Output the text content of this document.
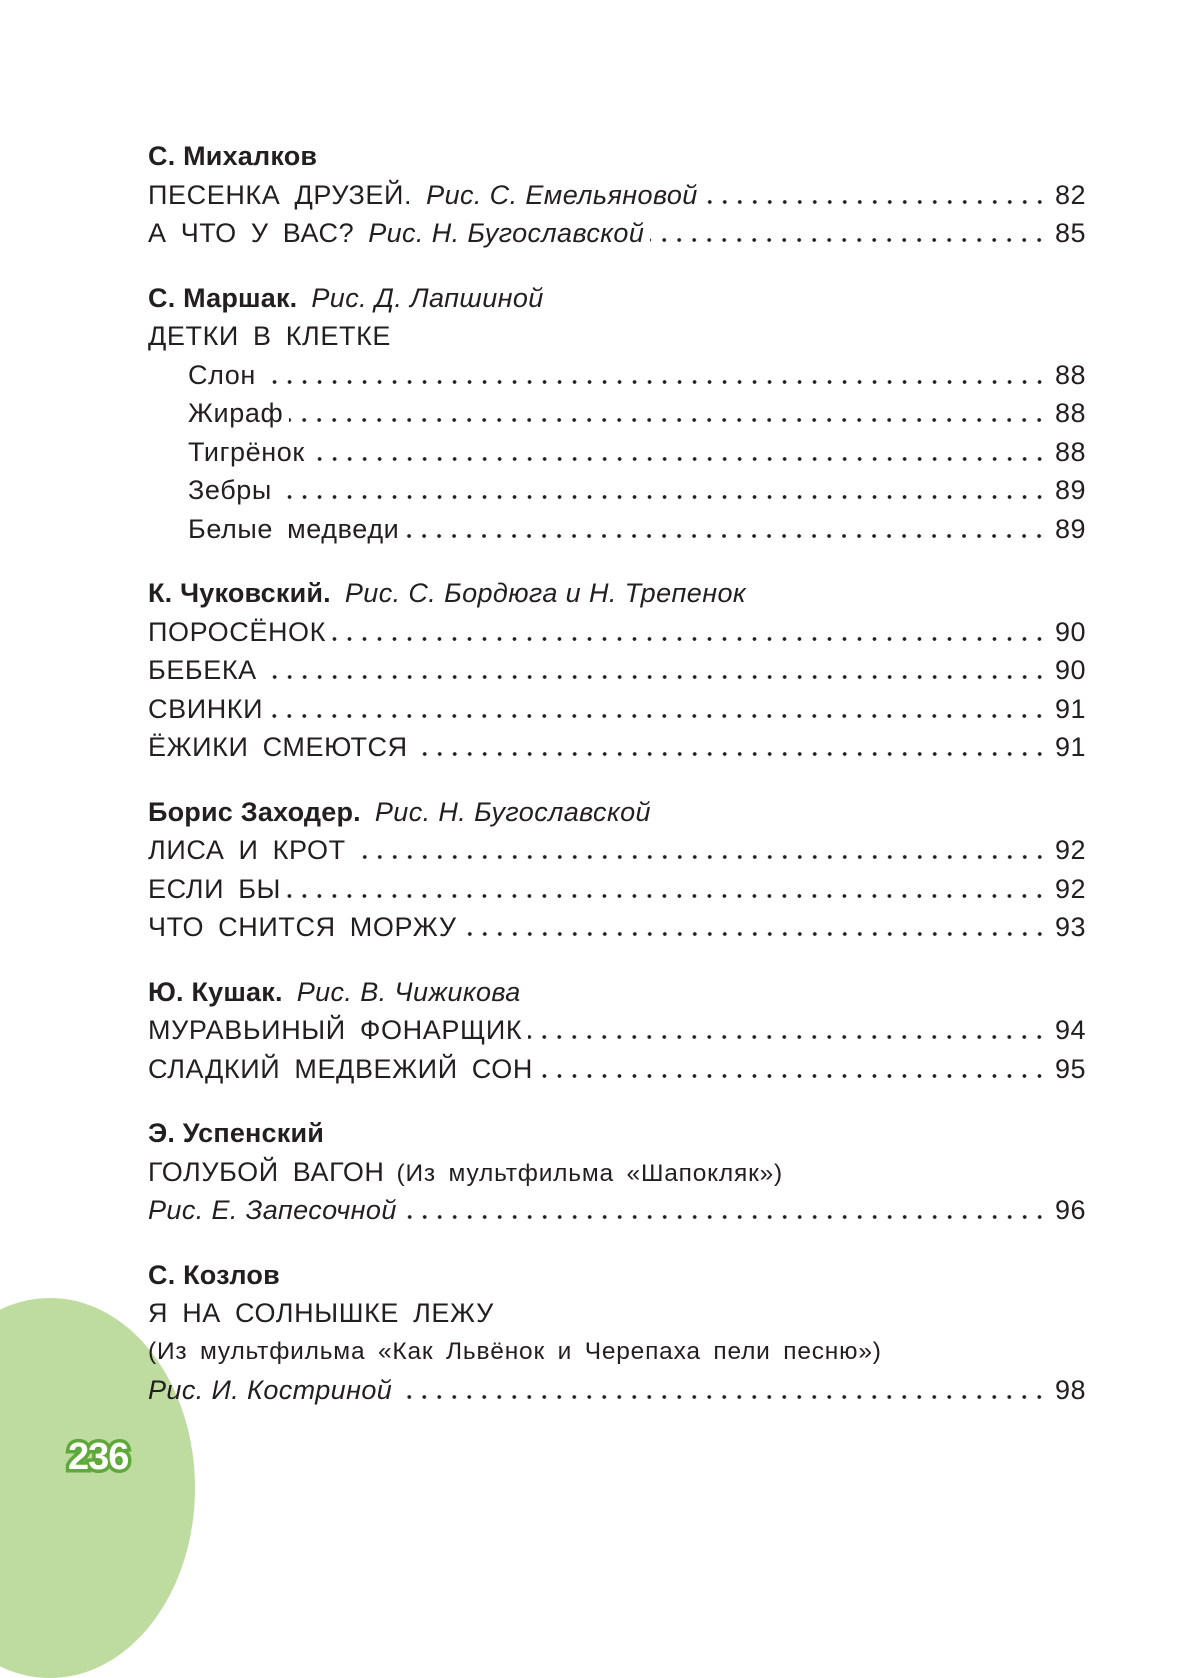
236
С. Михалков
ПЕСЕНКА ДРУЗЕЙ. Рис. С. Емельяновой	82
А ЧТО У ВАС? Рис. Н. Бугославской	85
С. Маршак. Рис. Д. Лапшиной
ДЕТКИ В КЛЕТКЕ
Слон	88
Жираф	88
Тигрёнок	88
Зебры	89
Белые медведи	89
К. Чуковский. Рис. С. Бордюга и Н. Трепенок
ПОРОСЁНОК	90
БЕБЕКА	90
СВИНКИ	91
ЁЖИКИ СМЕЮТСЯ	91
Борис Заходер. Рис. Н. Бугославской
ЛИСА И КРОТ	92
ЕСЛИ БЫ	92
ЧТО СНИТСЯ МОРЖУ	93
Ю. Кушак. Рис. В. Чижикова
МУРАВЬИНЫЙ ФОНАРЩИК	94
СЛАДКИЙ МЕДВЕЖИЙ СОН	95
Э. Успенский
ГОЛУБОЙ ВАГОН (Из мультфильма «Шапокляк»)
Рис. Е. Запесочной	96
С. Козлов
Я НА СОЛНЫШКЕ ЛЕЖУ
(Из мультфильма «Как Львёнок и Черепаха пели песню»)
Рис. И. Костриной	98
